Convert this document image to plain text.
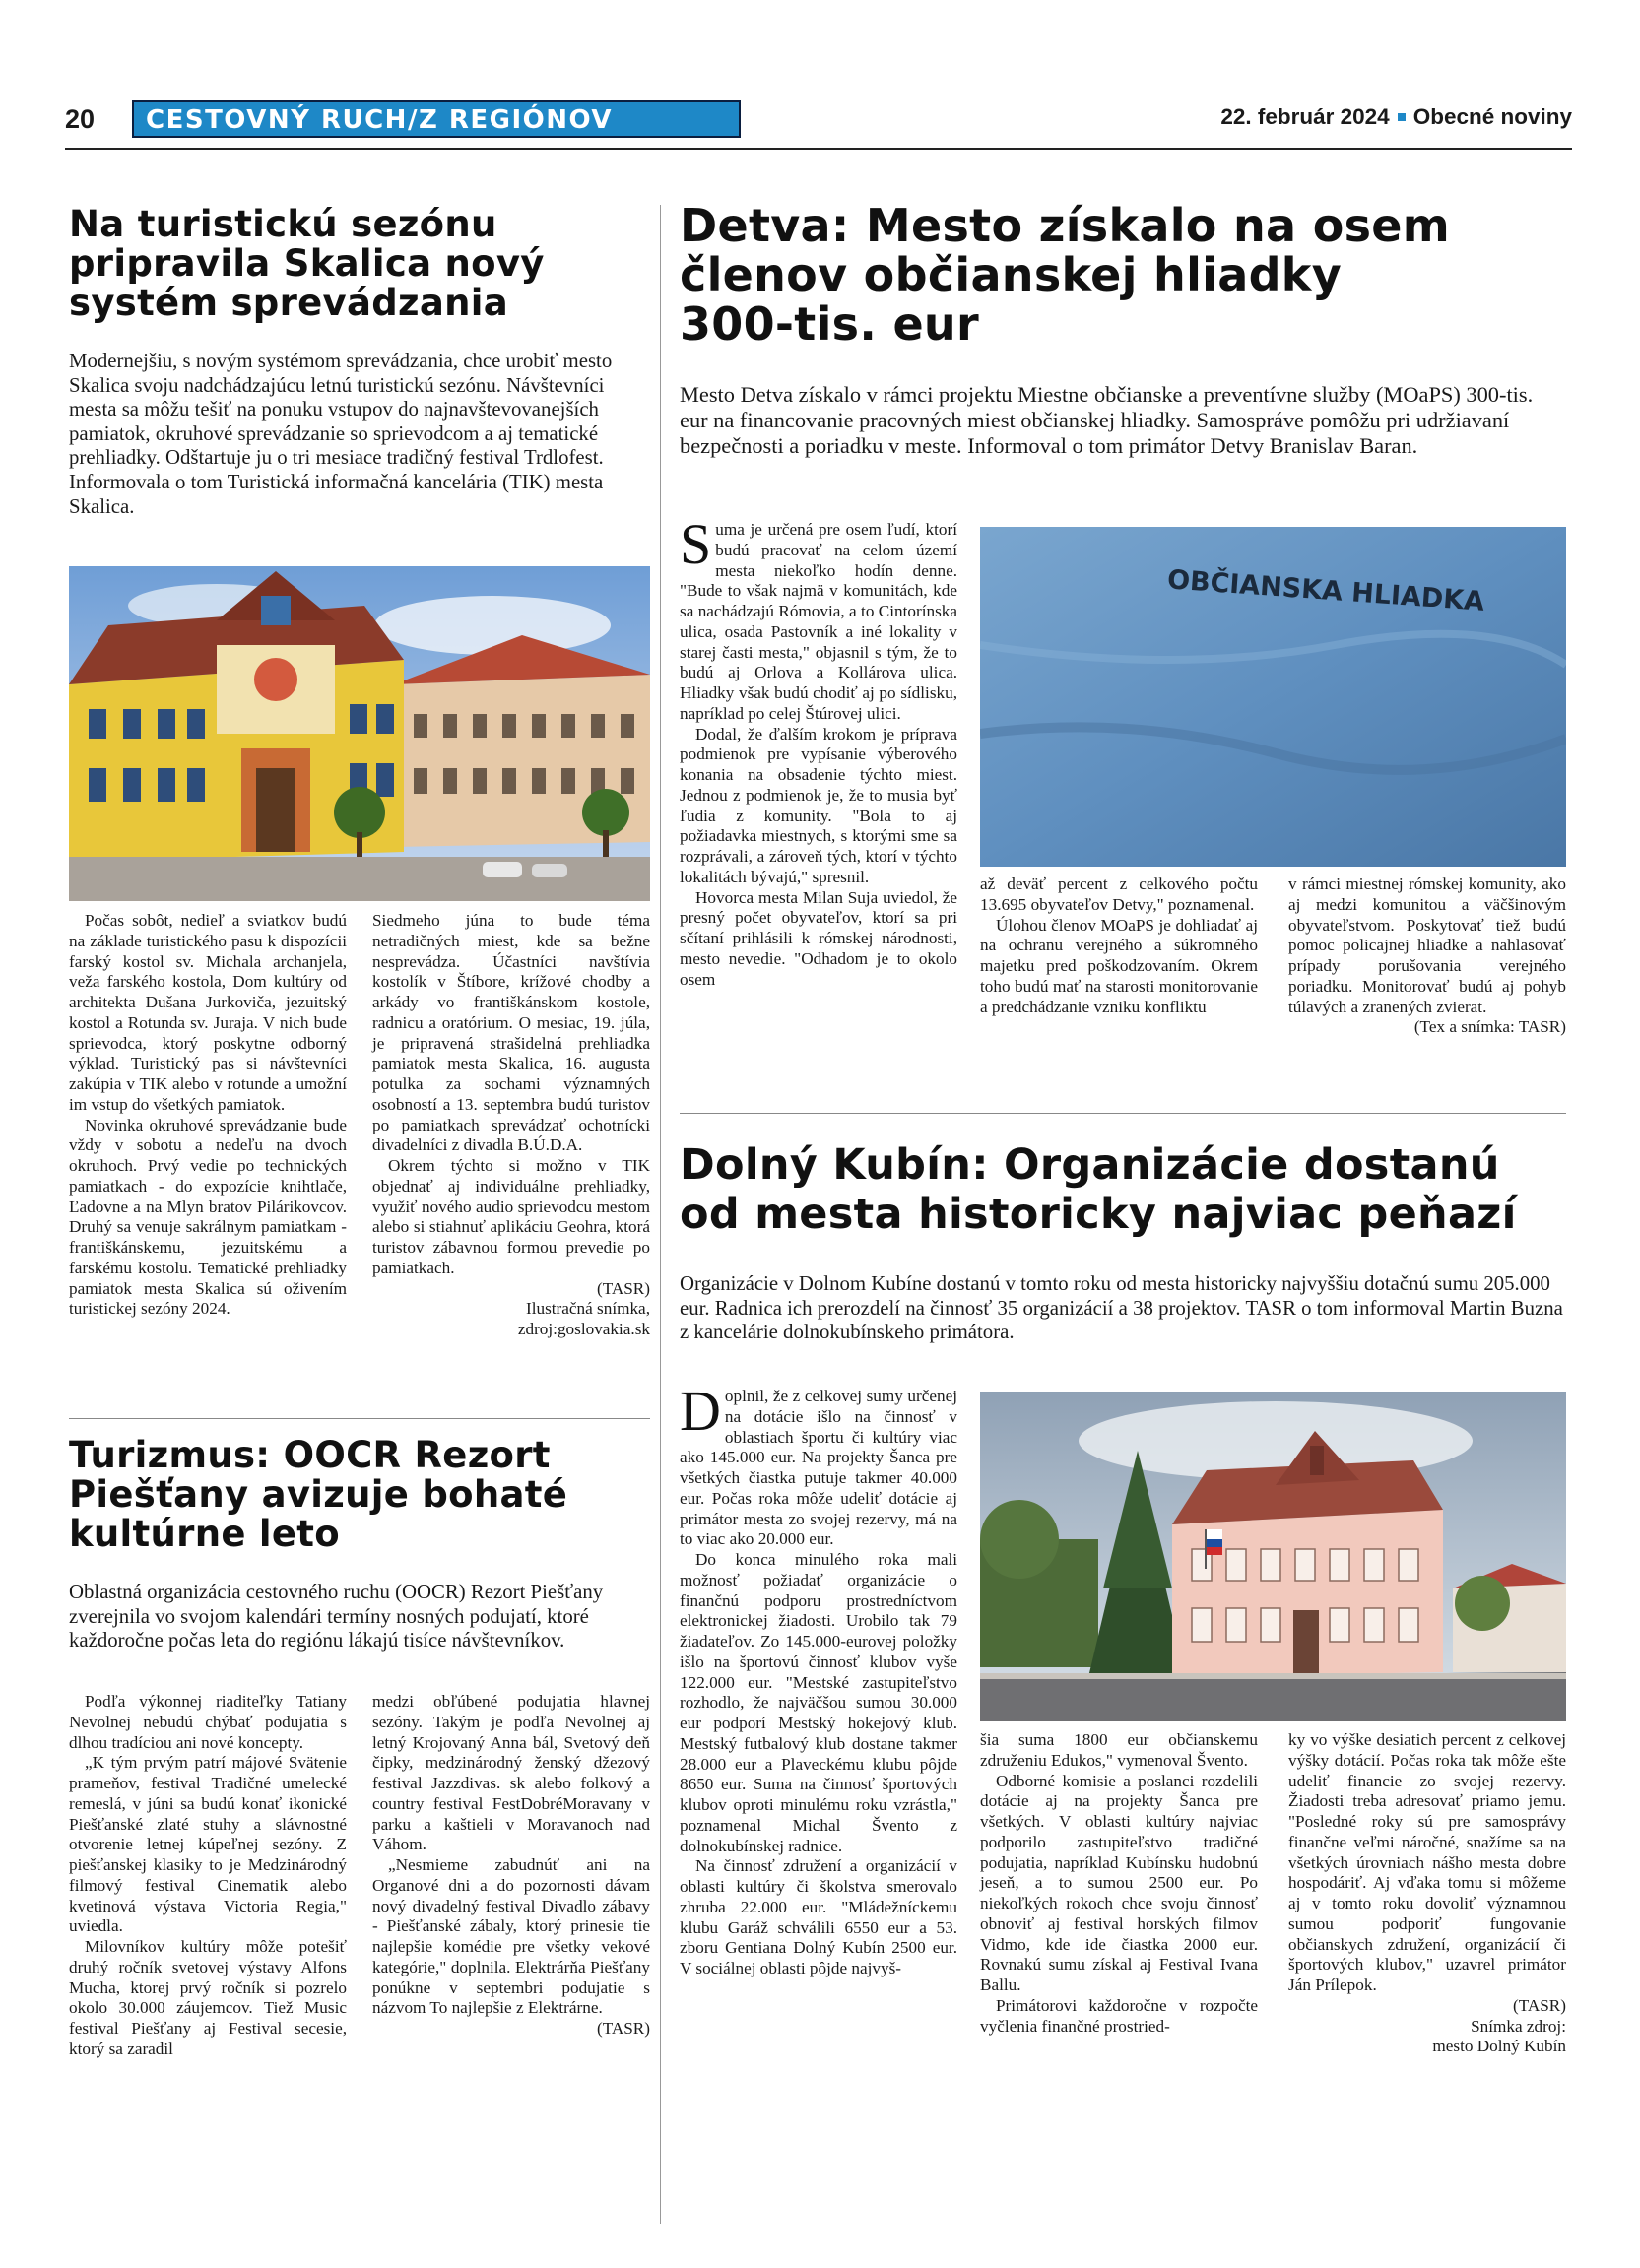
20 CESTOVNÝ RUCH/Z REGIÓNOV	22. február 2024 Obecné noviny
Na turistickú sezónu
pripravila Skalica nový
systém sprevádzania
Modernejšiu, s novým systémom sprevádzania, chce urobiť mesto Skalica svoju nadchádzajúcu letnú turistickú sezónu. Návštevníci mesta sa môžu tešiť na ponuku vstupov do najnavštevovanejších pamiatok, okruhové sprevádzanie so sprievodcom a aj tematické prehliadky. Odštartuje ju o tri mesiace tradičný festival Trdlofest. Informovala o tom Turistická informačná kancelária (TIK) mesta Skalica.

Počas sobôt, nedieľ a sviatkov budú na základe turistického pasu k dispozícii farský kostol sv. Michala archanjela, veža farského kostola, Dom kultúry od architekta Dušana Jurkoviča, jezuitský kostol a Rotunda sv. Juraja. V nich bude sprievodca, ktorý poskytne odborný výklad. Turistický pas si návštevníci zakúpia v TIK alebo v rotunde a umožní im vstup do všetkých pamiatok.

Novinka okruhové sprevádzanie bude vždy v sobotu a nedeľu na dvoch okruhoch. Prvý vedie po technických pamiatkach - do expozície knihtlače, Ľadovne a na Mlyn bratov Pilárikovcov. Druhý sa venuje sakrálnym pamiatkam - františkánskemu, jezuitskému a farskému kostolu. Tematické prehliadky pamiatok mesta Skalica sú oživením turistickej sezóny 2024.

Siedmeho júna to bude téma netradičných miest, kde sa bežne nesprevádza. Účastníci navštívia kostolík v Štíbore, krížové chodby a arkády vo františkánskom kostole, radnicu a oratórium. O mesiac, 19. júla, je pripravená strašidelná prehliadka pamiatok mesta Skalica, 16. augusta potulka za sochami významných osobností a 13. septembra budú turistov po pamiatkach sprevádzať ochotnícki divadelníci z divadla B.Ú.D.A.

Okrem týchto si možno v TIK objednať aj individuálne prehliadky, využiť nového audio sprievodcu mestom alebo si stiahnuť aplikáciu Geohra, ktorá turistov zábavnou formou prevedie po pamiatkach.

(TASR)

Ilustračná snímka,

zdroj:goslovakia.sk

Turizmus: OOCR Rezort
Piešťany avizuje bohaté
kultúrne leto
Oblastná organizácia cestovného ruchu (OOCR) Rezort Piešťany zverejnila vo svojom kalendári termíny nosných podujatí, ktoré každoročne počas leta do regiónu lákajú tisíce návštevníkov.

Podľa výkonnej riaditeľky Tatiany Nevolnej nebudú chýbať podujatia s dlhou tradíciou ani nové koncepty.

„K tým prvým patrí májové Svätenie prameňov, festival Tradičné umelecké remeslá, v júni sa budú konať ikonické Piešťanské zlaté stuhy a slávnostné otvorenie letnej kúpeľnej sezóny. Z piešťanskej klasiky to je Medzinárodný filmový festival Cinematik alebo kvetinová výstava Victoria Regia," uviedla.

Milovníkov kultúry môže potešiť druhý ročník svetovej výstavy Alfons Mucha, ktorej prvý ročník si pozrelo okolo 30.000 záujemcov. Tiež Music festival Piešťany aj Festival secesie, ktorý sa zaradil

medzi obľúbené podujatia hlavnej sezóny. Takým je podľa Nevolnej aj letný Krojovaný Anna bál, Svetový deň čipky, medzinárodný ženský džezový festival Jazzdivas. sk alebo folkový a country festival FestDobréMoravany v parku a kaštieli v Moravanoch nad Váhom.

„Nesmieme zabudnúť ani na Organové dni a do pozornosti dávam nový divadelný festival Divadlo zábavy - Piešťanské zábaly, ktorý prinesie tie najlepšie komédie pre všetky vekové kategórie," doplnila. Elektrárňa Piešťany ponúkne v septembri podujatie s názvom To najlepšie z Elektrárne.

(TASR)

Detva: Mesto získalo na osem
členov občianskej hliadky
300-tis. eur
Mesto Detva získalo v rámci projektu Miestne občianske a preventívne služby (MOaPS) 300-tis. eur na financovanie pracovných miest občianskej hliadky. Samospráve pomôžu pri udržiavaní bezpečnosti a poriadku v meste. Informoval o tom primátor Detvy Branislav Baran.

Suma je určená pre osem ľudí, ktorí budú pracovať na celom území mesta niekoľko hodín denne. "Bude to však najmä v komunitách, kde sa nachádzajú Rómovia, a to Cintorínska ulica, osada Pastovník a iné lokality v starej časti mesta," objasnil s tým, že to budú aj Orlova a Kollárova ulica. Hliadky však budú chodiť aj po sídlisku, napríklad po celej Štúrovej ulici.

Dodal, že ďalším krokom je príprava podmienok pre vypísanie výberového konania na obsadenie týchto miest. Jednou z podmienok je, že to musia byť ľudia z komunity. "Bola to aj požiadavka miestnych, s ktorými sme sa rozprávali, a zároveň tých, ktorí v týchto lokalitách bývajú," spresnil.

Hovorca mesta Milan Suja uviedol, že presný počet obyvateľov, ktorí sa pri sčítaní prihlásili k rómskej národnosti, mesto nevedie. "Odhadom je to okolo osem

OBČIANSKA HLIADKA

až deväť percent z celkového počtu 13.695 obyvateľov Detvy," poznamenal.

Úlohou členov MOaPS je dohliadať aj na ochranu verejného a súkromného majetku pred poškodzovaním. Okrem toho budú mať na starosti monitorovanie a predchádzanie vzniku konfliktu

v rámci miestnej rómskej komunity, ako aj medzi komunitou a väčšinovým obyvateľstvom. Poskytovať tiež budú pomoc policajnej hliadke a nahlasovať prípady porušovania verejného poriadku. Monitorovať budú aj pohyb túlavých a zranených zvierat.

(Tex a snímka: TASR)

Dolný Kubín: Organizácie dostanú
od mesta historicky najviac peňazí
Organizácie v Dolnom Kubíne dostanú v tomto roku od mesta historicky najvyššiu dotačnú sumu 205.000 eur. Radnica ich prerozdelí na činnosť 35 organizácií a 38 projektov. TASR o tom informoval Martin Buzna z kancelárie dolnokubínskeho primátora.

Doplnil, že z celkovej sumy určenej na dotácie išlo na činnosť v oblastiach športu či kultúry viac ako 145.000 eur. Na projekty Šanca pre všetkých čiastka putuje takmer 40.000 eur. Počas roka môže udeliť dotácie aj primátor mesta zo svojej rezervy, má na to viac ako 20.000 eur.

Do konca minulého roka mali možnosť požiadať organizácie o finančnú podporu prostredníctvom elektronickej žiadosti. Urobilo tak 79 žiadateľov. Zo 145.000-eurovej položky išlo na športovú činnosť klubov vyše 122.000 eur. "Mestské zastupiteľstvo rozhodlo, že najväčšou sumou 30.000 eur podporí Mestský hokejový klub. Mestský futbalový klub dostane takmer 28.000 eur a Plaveckému klubu pôjde 8650 eur. Suma na činnosť športových klubov oproti minulému roku vzrástla," poznamenal Michal Švento z dolnokubínskej radnice.

Na činnosť združení a organizácií v oblasti kultúry či školstva smerovalo zhruba 22.000 eur. "Mládežníckemu klubu Garáž schválili 6550 eur a 53. zboru Gentiana Dolný Kubín 2500 eur. V sociálnej oblasti pôjde najvyš-

šia suma 1800 eur občianskemu združeniu Edukos," vymenoval Švento.

Odborné komisie a poslanci rozdelili dotácie aj na projekty Šanca pre všetkých. V oblasti kultúry najviac podporilo zastupiteľstvo tradičné podujatia, napríklad Kubínsku hudobnú jeseň, a to sumou 2500 eur. Po niekoľkých rokoch chce svoju činnosť obnoviť aj festival horských filmov Vidmo, kde ide čiastka 2000 eur. Rovnakú sumu získal aj Festival Ivana Ballu.

Primátorovi každoročne v rozpočte vyčlenia finančné prostried-

ky vo výške desiatich percent z celkovej výšky dotácií. Počas roka tak môže ešte udeliť financie zo svojej rezervy. Žiadosti treba adresovať priamo jemu. "Posledné roky sú pre samosprávy finančne veľmi náročné, snažíme sa na všetkých úrovniach nášho mesta dobre hospodáriť. Aj vďaka tomu si môžeme aj v tomto roku dovoliť významnou sumou podporiť fungovanie občianskych združení, organizácií či športových klubov," uzavrel primátor Ján Prílepok.

(TASR)

Snímka zdroj:

mesto Dolný Kubín
